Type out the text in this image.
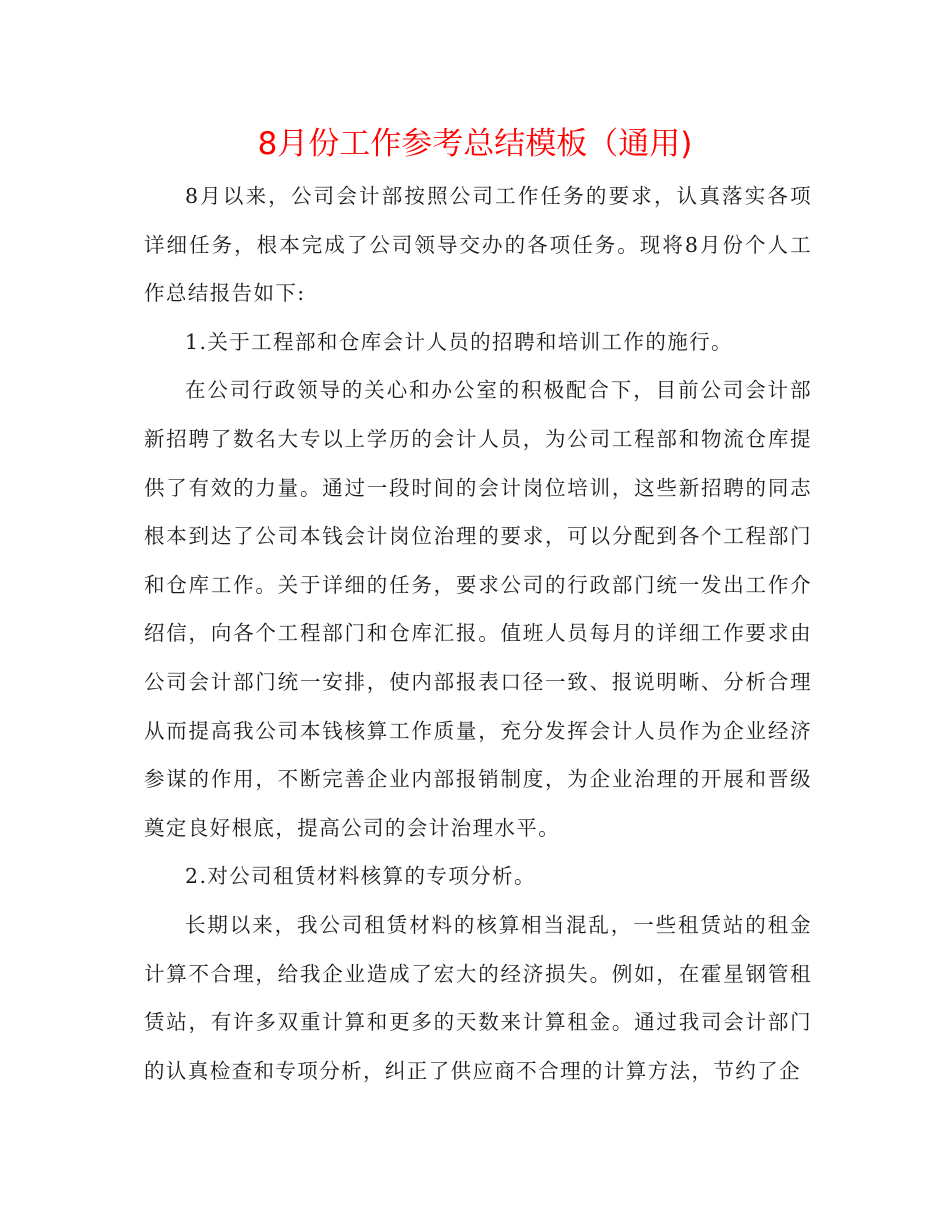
8月份工作参考总结模板（通用)

8月以来，公司会计部按照公司工作任务的要求，认真落实各项详细任务，根本完成了公司领导交办的各项任务。现将8月份个人工作总结报告如下:

1.关于工程部和仓库会计人员的招聘和培训工作的施行。

在公司行政领导的关心和办公室的积极配合下，目前公司会计部新招聘了数名大专以上学历的会计人员，为公司工程部和物流仓库提供了有效的力量。通过一段时间的会计岗位培训，这些新招聘的同志根本到达了公司本钱会计岗位治理的要求，可以分配到各个工程部门和仓库工作。关于详细的任务，要求公司的行政部门统一发出工作介绍信，向各个工程部门和仓库汇报。值班人员每月的详细工作要求由公司会计部门统一安排，使内部报表口径一致、报说明晰、分析合理从而提高我公司本钱核算工作质量，充分发挥会计人员作为企业经济参谋的作用，不断完善企业内部报销制度，为企业治理的开展和晋级奠定良好根底，提高公司的会计治理水平。

2.对公司租赁材料核算的专项分析。

长期以来，我公司租赁材料的核算相当混乱，一些租赁站的租金计算不合理，给我企业造成了宏大的经济损失。例如，在霍星钢管租赁站，有许多双重计算和更多的天数来计算租金。通过我司会计部门的认真检查和专项分析，纠正了供应商不合理的计算方法，节约了企
